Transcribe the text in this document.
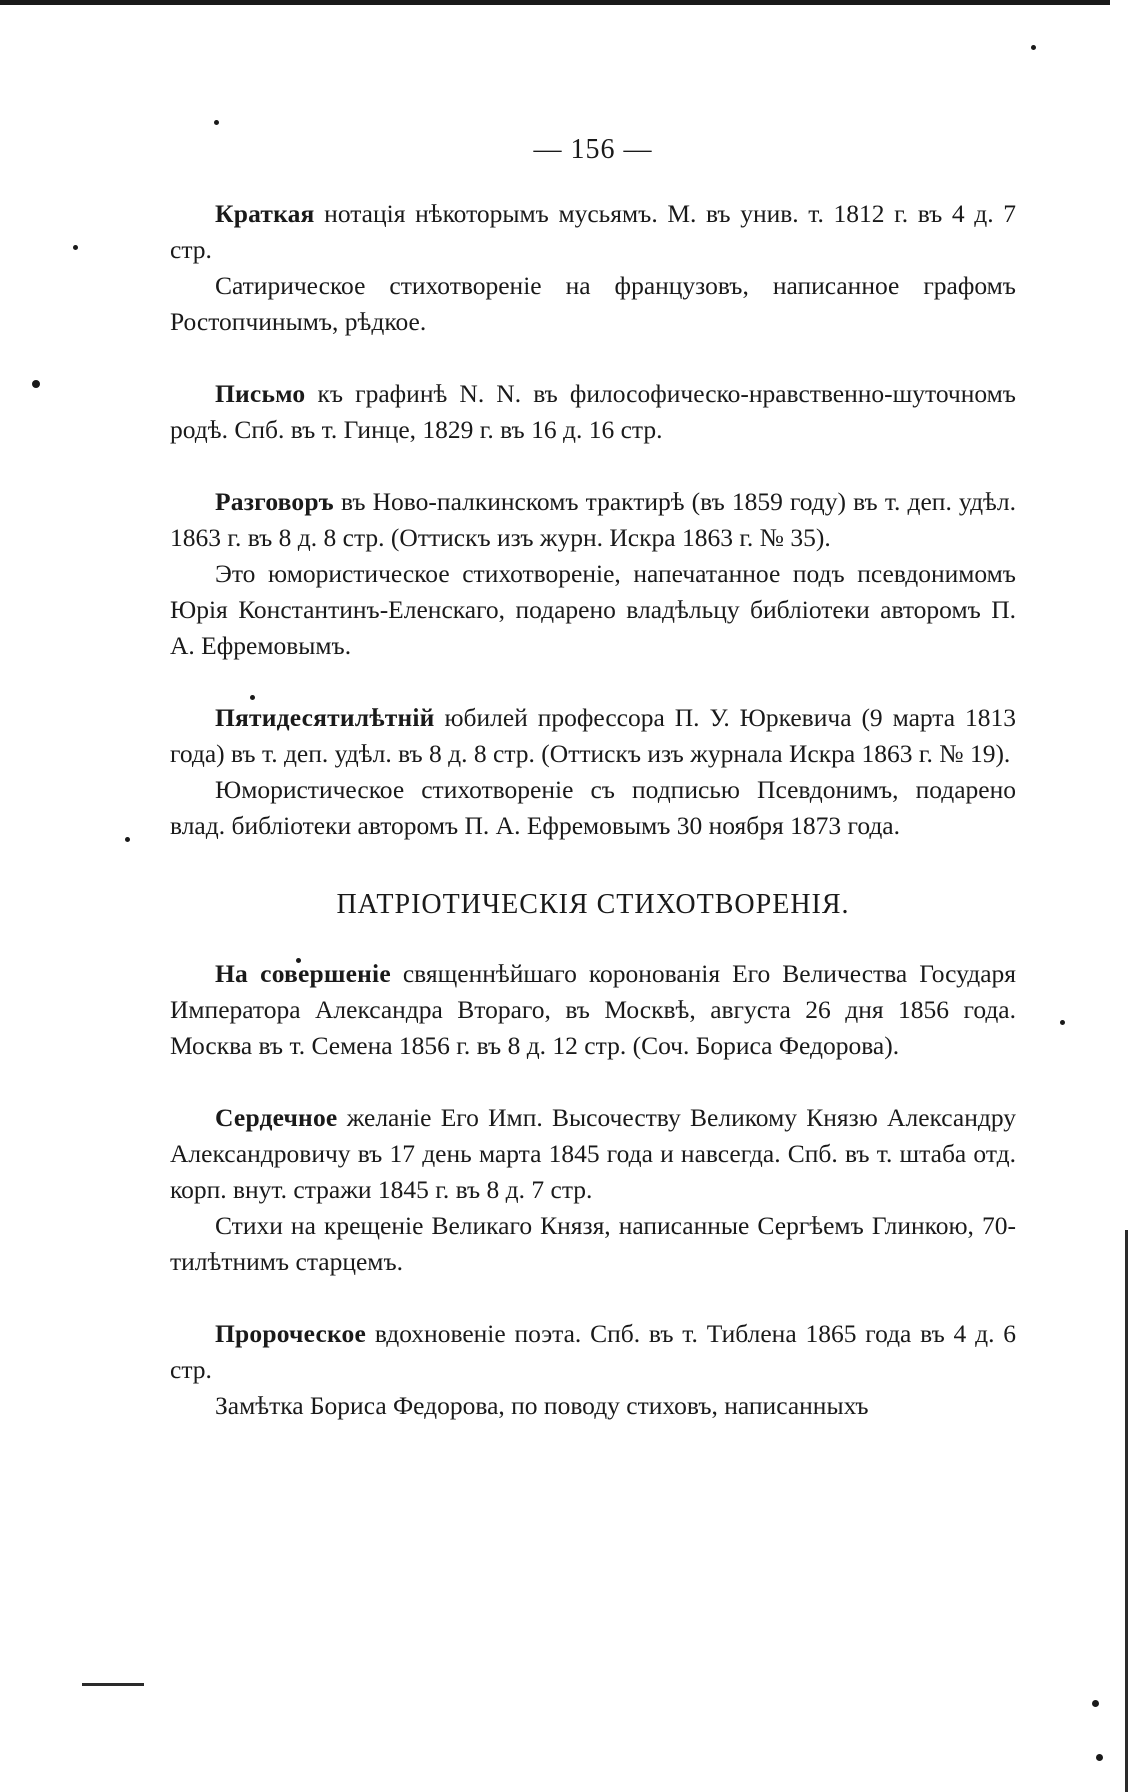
— 156 —

Краткая нотація нѣкоторымъ мусьямъ. М. въ унив. т. 1812 г. въ 4 д. 7 стр.

Сатирическое стихотвореніе на французовъ, написанное графомъ Ростопчинымъ, рѣдкое.

Письмо къ графинѣ N. N. въ философическо-нравственно-шуточномъ родѣ. Спб. въ т. Гинце, 1829 г. въ 16 д. 16 стр.

Разговоръ въ Ново-палкинскомъ трактирѣ (въ 1859 году) въ т. деп. удѣл. 1863 г. въ 8 д. 8 стр. (Оттискъ изъ журн. Искра 1863 г. № 35).

Это юмористическое стихотвореніе, напечатанное подъ псевдонимомъ Юрія Константинъ-Еленскаго, подарено владѣльцу библіотеки авторомъ П. А. Ефремовымъ.

Пятидесятилѣтній юбилей профессора П. У. Юркевича (9 марта 1813 года) въ т. деп. удѣл. въ 8 д. 8 стр. (Оттискъ изъ журнала Искра 1863 г. № 19).

Юмористическое стихотвореніе съ подписью Псевдонимъ, подарено влад. библіотеки авторомъ П. А. Ефремовымъ 30 ноября 1873 года.

ПАТРІОТИЧЕСКІЯ СТИХОТВОРЕНІЯ.

На совершеніе священнѣйшаго коронованія Его Величества Государя Императора Александра Втораго, въ Москвѣ, августа 26 дня 1856 года. Москва въ т. Семена 1856 г. въ 8 д. 12 стр. (Соч. Бориса Федорова).

Сердечное желаніе Его Имп. Высочеству Великому Князю Александру Александровичу въ 17 день марта 1845 года и навсегда. Спб. въ т. штаба отд. корп. внут. стражи 1845 г. въ 8 д. 7 стр.

Стихи на крещеніе Великаго Князя, написанные Сергѣемъ Глинкою, 70-тилѣтнимъ старцемъ.

Пророческое вдохновеніе поэта. Спб. въ т. Тиблена 1865 года въ 4 д. 6 стр.

Замѣтка Бориса Федорова, по поводу стиховъ, написанныхъ
